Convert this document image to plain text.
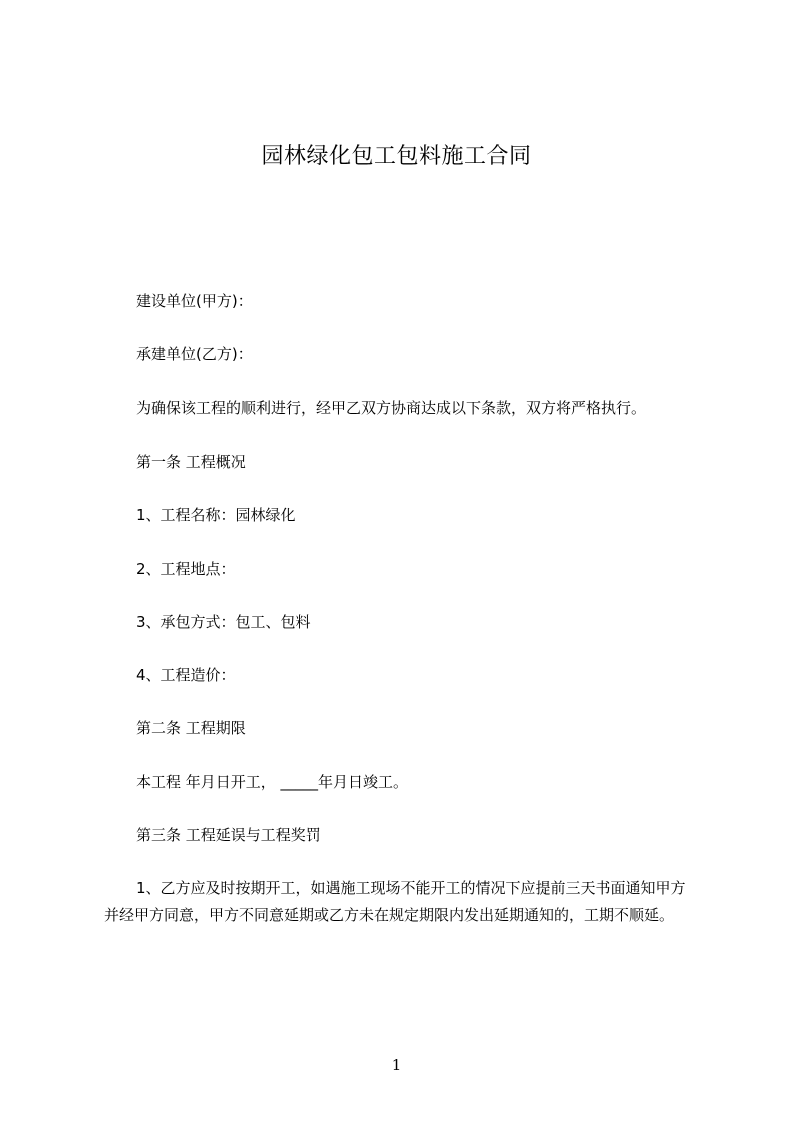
园林绿化包工包料施工合同
建设单位(甲方)：
承建单位(乙方)：
为确保该工程的顺利进行，经甲乙双方协商达成以下条款，双方将严格执行。
第一条 工程概况
1、工程名称：园林绿化
2、工程地点：
3、承包方式：包工、包料
4、工程造价：
第二条 工程期限
本工程 年月日开工， _____年月日竣工。
第三条 工程延误与工程奖罚
1、乙方应及时按期开工，如遇施工现场不能开工的情况下应提前三天书面通知甲方并经甲方同意，甲方不同意延期或乙方未在规定期限内发出延期通知的，工期不顺延。
1
